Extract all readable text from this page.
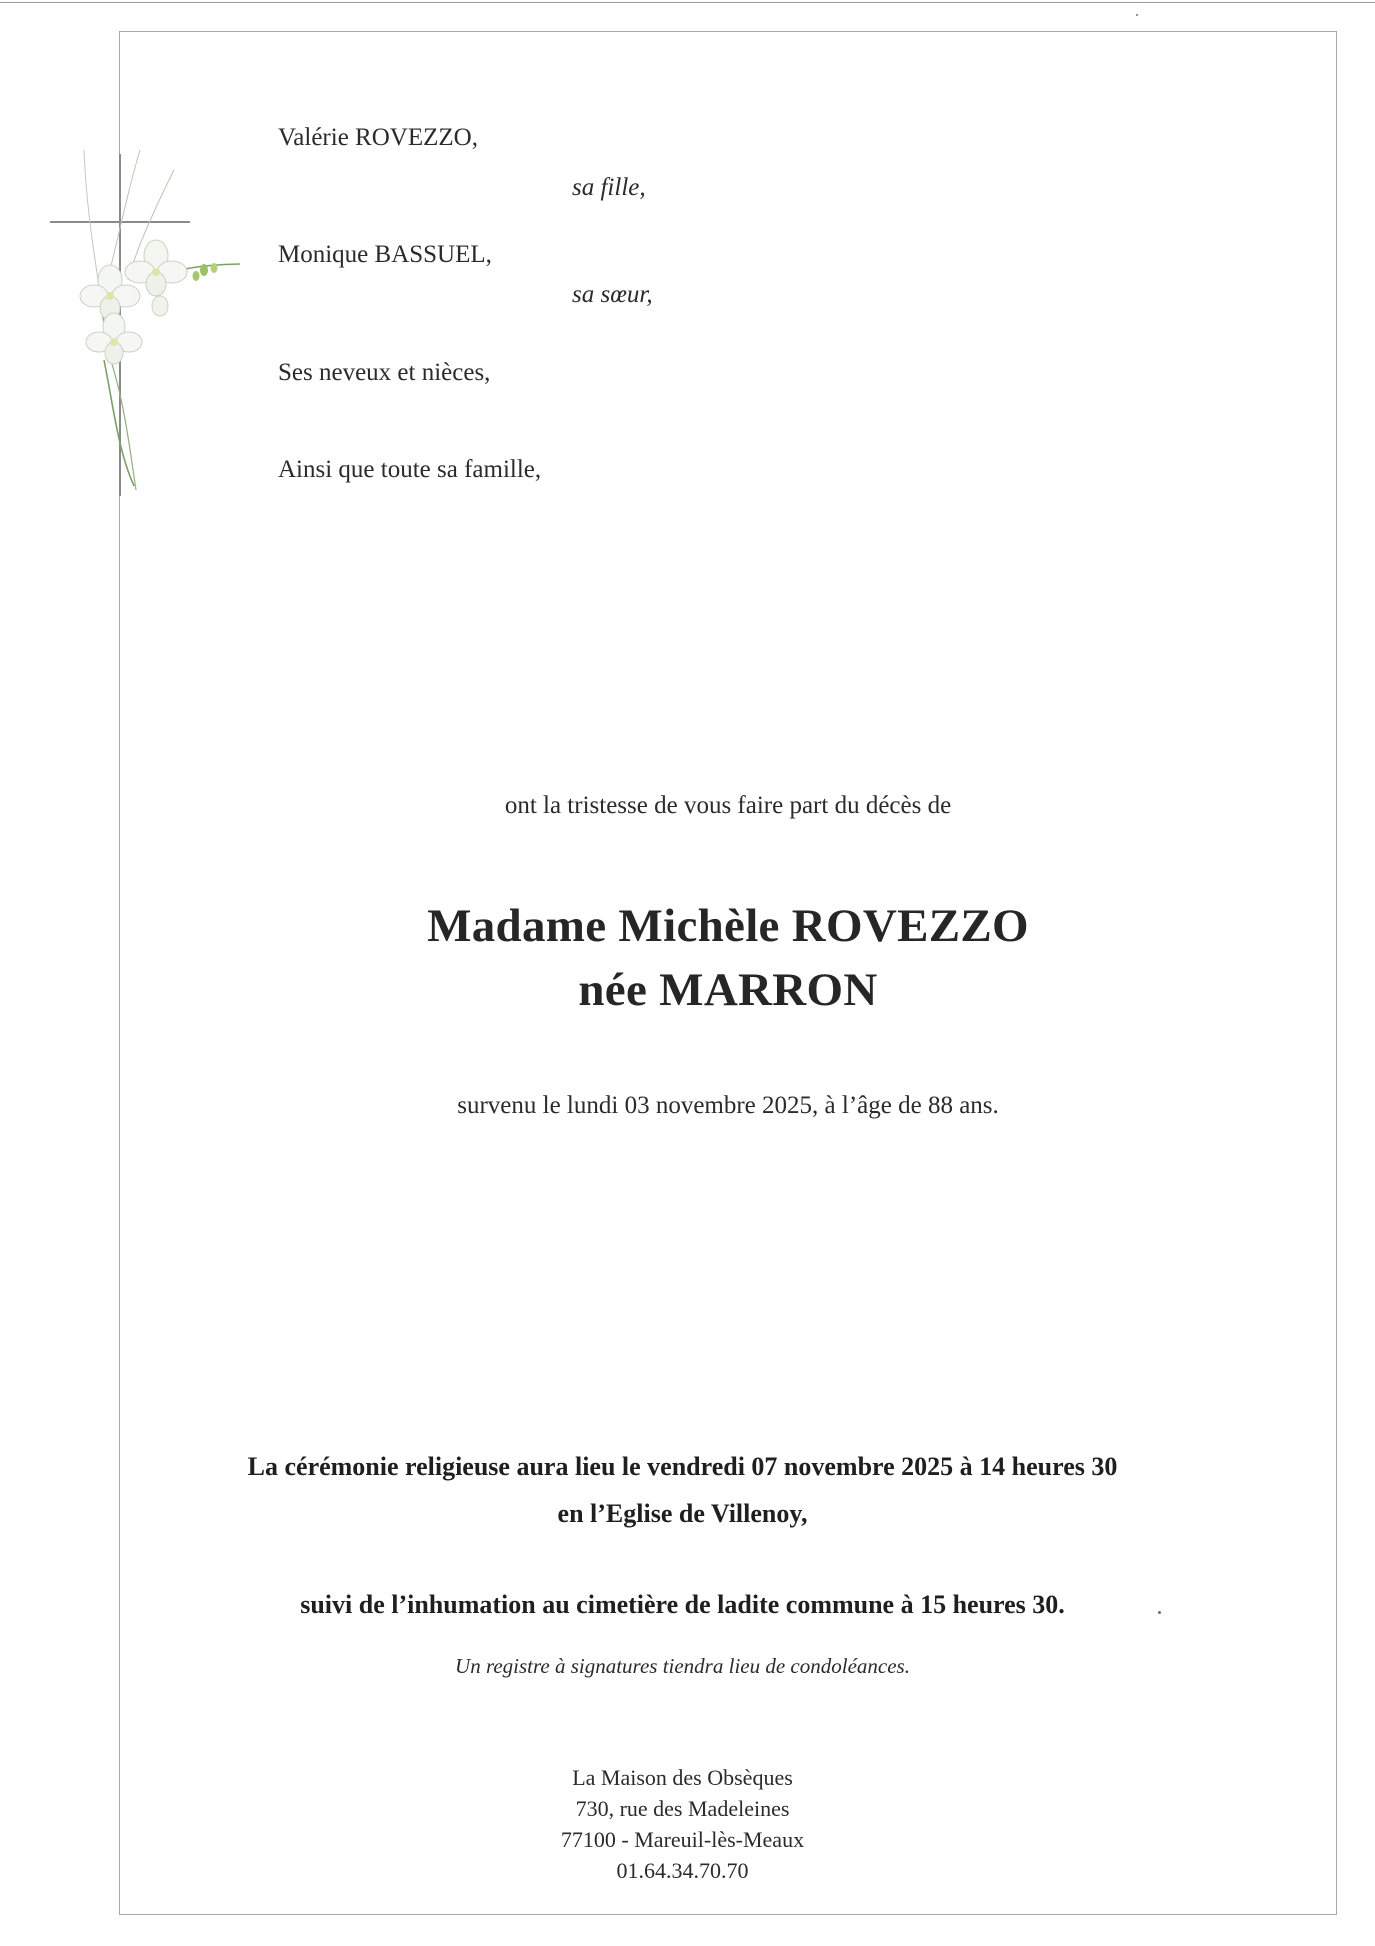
Valérie ROVEZZO,
sa fille,
Monique BASSUEL,
sa sœur,
Ses neveux et nièces,
Ainsi que toute sa famille,
ont la tristesse de vous faire part du décès de
Madame Michèle ROVEZZO
née MARRON
survenu le lundi 03 novembre 2025, à l’âge de 88 ans.
La cérémonie religieuse aura lieu le vendredi 07 novembre 2025 à 14 heures 30
en l’Eglise de Villenoy,
suivi de l’inhumation au cimetière de ladite commune à 15 heures 30.
Un registre à signatures tiendra lieu de condoléances.
La Maison des Obsèques
730, rue des Madeleines
77100 - Mareuil-lès-Meaux
01.64.34.70.70
